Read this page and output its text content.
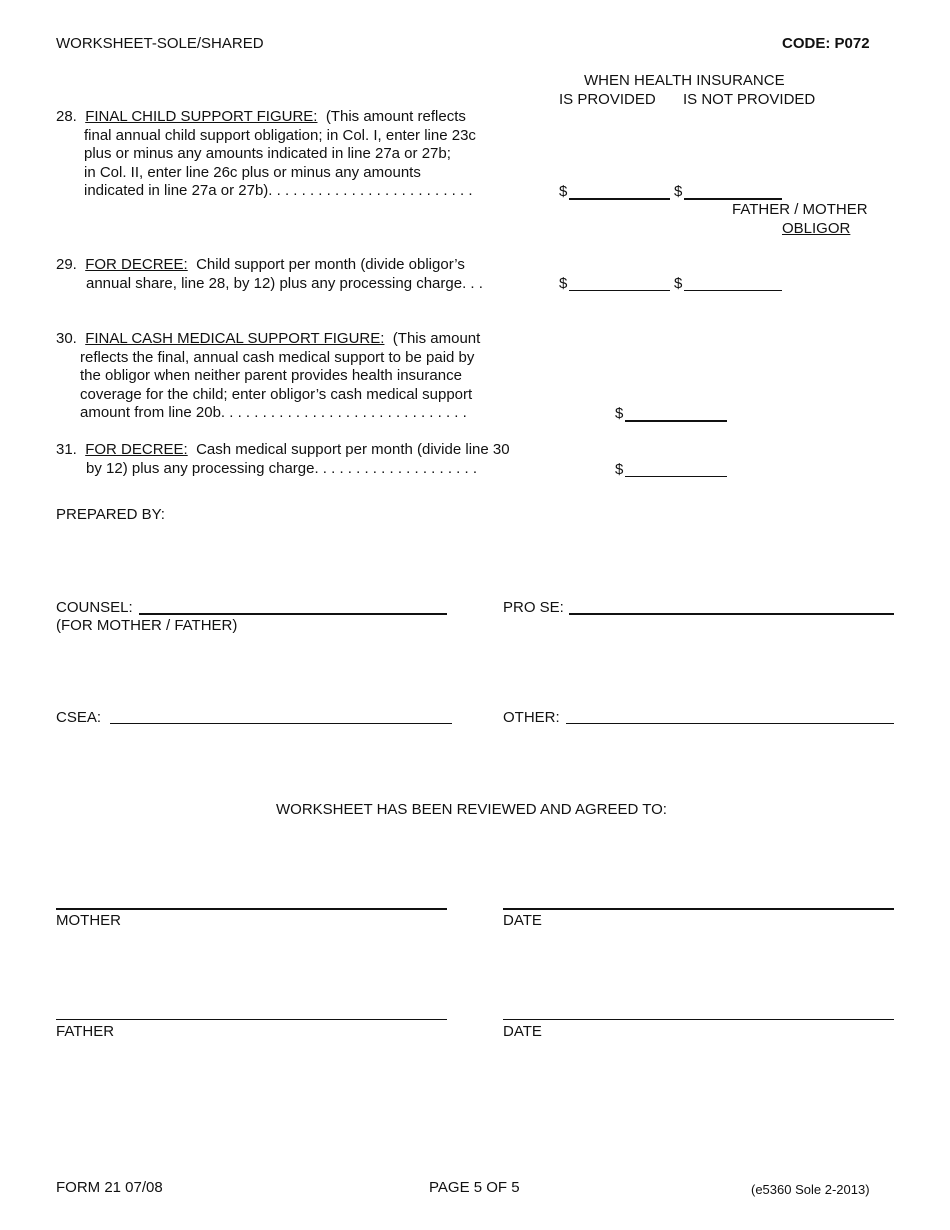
WORKSHEET-SOLE/SHARED	CODE: P072
WHEN HEALTH INSURANCE
IS PROVIDED IS NOT PROVIDED
28. FINAL CHILD SUPPORT FIGURE: (This amount reflects
final annual child support obligation; in Col. I, enter line 23c
plus or minus any amounts indicated in line 27a or 27b;
in Col. II, enter line 26c plus or minus any amounts
indicated in line 27a or 27b). . . . . . . . . . . . . . . . . . . . . . . . .	$	$
FATHER / MOTHER
OBLIGOR
29. FOR DECREE: Child support per month (divide obligor’s
annual share, line 28, by 12) plus any processing charge. . .	$	$
30. FINAL CASH MEDICAL SUPPORT FIGURE: (This amount
reflects the final, annual cash medical support to be paid by
the obligor when neither parent provides health insurance
coverage for the child; enter obligor’s cash medical support
amount from line 20b. . . . . . . . . . . . . . . . . . . . . . . . . . . . . .	$
31. FOR DECREE: Cash medical support per month (divide line 30
by 12) plus any processing charge. . . . . . . . . . . . . . . . . . . .	$
PREPARED BY:
COUNSEL:
(FOR MOTHER / FATHER)
PRO SE:
CSEA:	OTHER:
WORKSHEET HAS BEEN REVIEWED AND AGREED TO:
MOTHER	DATE
FATHER	DATE
FORM 21 07/08	PAGE 5 OF 5	(e5360 Sole 2-2013)
